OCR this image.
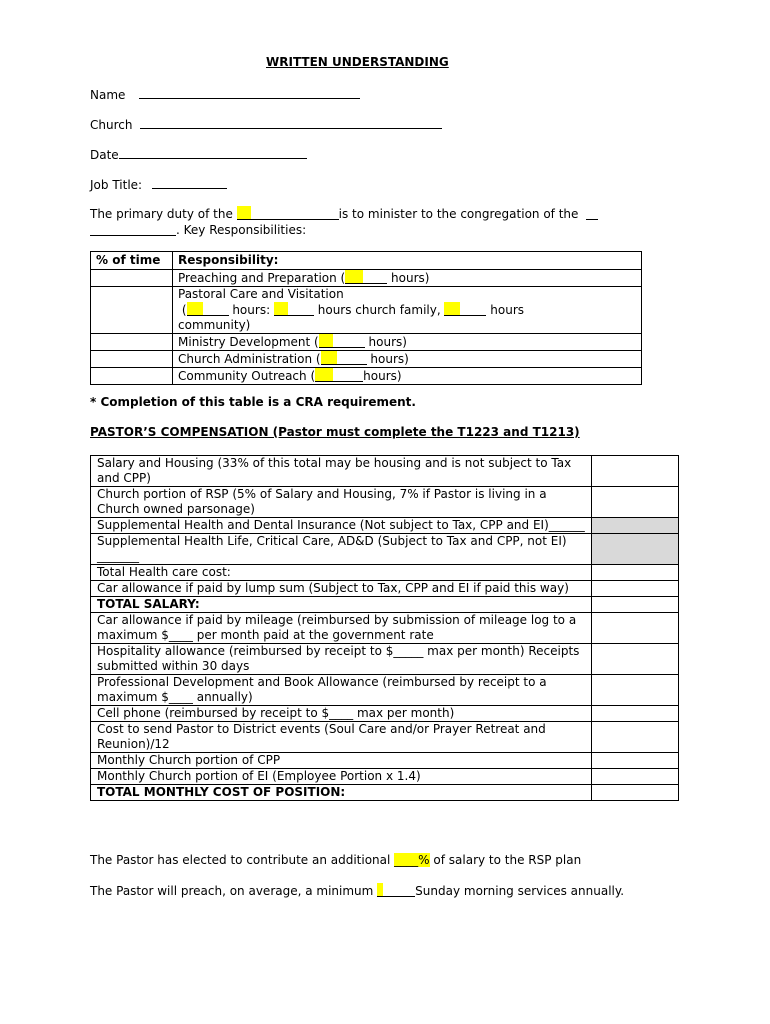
WRITTEN UNDERSTANDING
Name
Church
Date
Job Title:
The primary duty of the	is to minister to the congregation of the
. Key Responsibilities:
% of time	Responsibility:
	Preaching and Preparation ( hours)

	Pastoral Care and Visitation
( hours: hours church family, hours
community)

	Ministry Development ( hours)
	Church Administration ( hours)
	Community Outreach ( hours)
* Completion of this table is a CRA requirement.
PASTOR’S COMPENSATION (Pastor must complete the T1223 and T1213)
Salary and Housing (33% of this total may be housing and is not subject to Tax and CPP)	
Church portion of RSP (5% of Salary and Housing, 7% if Pastor is living in a Church owned parsonage)	
Supplemental Health and Dental Insurance (Not subject to Tax, CPP and EI)______	
Supplemental Health Life, Critical Care, AD&D (Subject to Tax and CPP, not EI) _______	
Total Health care cost:	
Car allowance if paid by lump sum (Subject to Tax, CPP and EI if paid this way)	
TOTAL SALARY:	
Car allowance if paid by mileage (reimbursed by submission of mileage log to a maximum $____ per month paid at the government rate	
Hospitality allowance (reimbursed by receipt to $_____ max per month) Receipts submitted within 30 days	
Professional Development and Book Allowance (reimbursed by receipt to a maximum $____ annually)	
Cell phone (reimbursed by receipt to $____ max per month)	
Cost to send Pastor to District events (Soul Care and/or Prayer Retreat and Reunion)/12	
Monthly Church portion of CPP	
Monthly Church portion of EI (Employee Portion x 1.4)	
TOTAL MONTHLY COST OF POSITION:	
The Pastor has elected to contribute an additional ____% of salary to the RSP plan
The Pastor will preach, on average, a minimum	Sunday morning services annually.
